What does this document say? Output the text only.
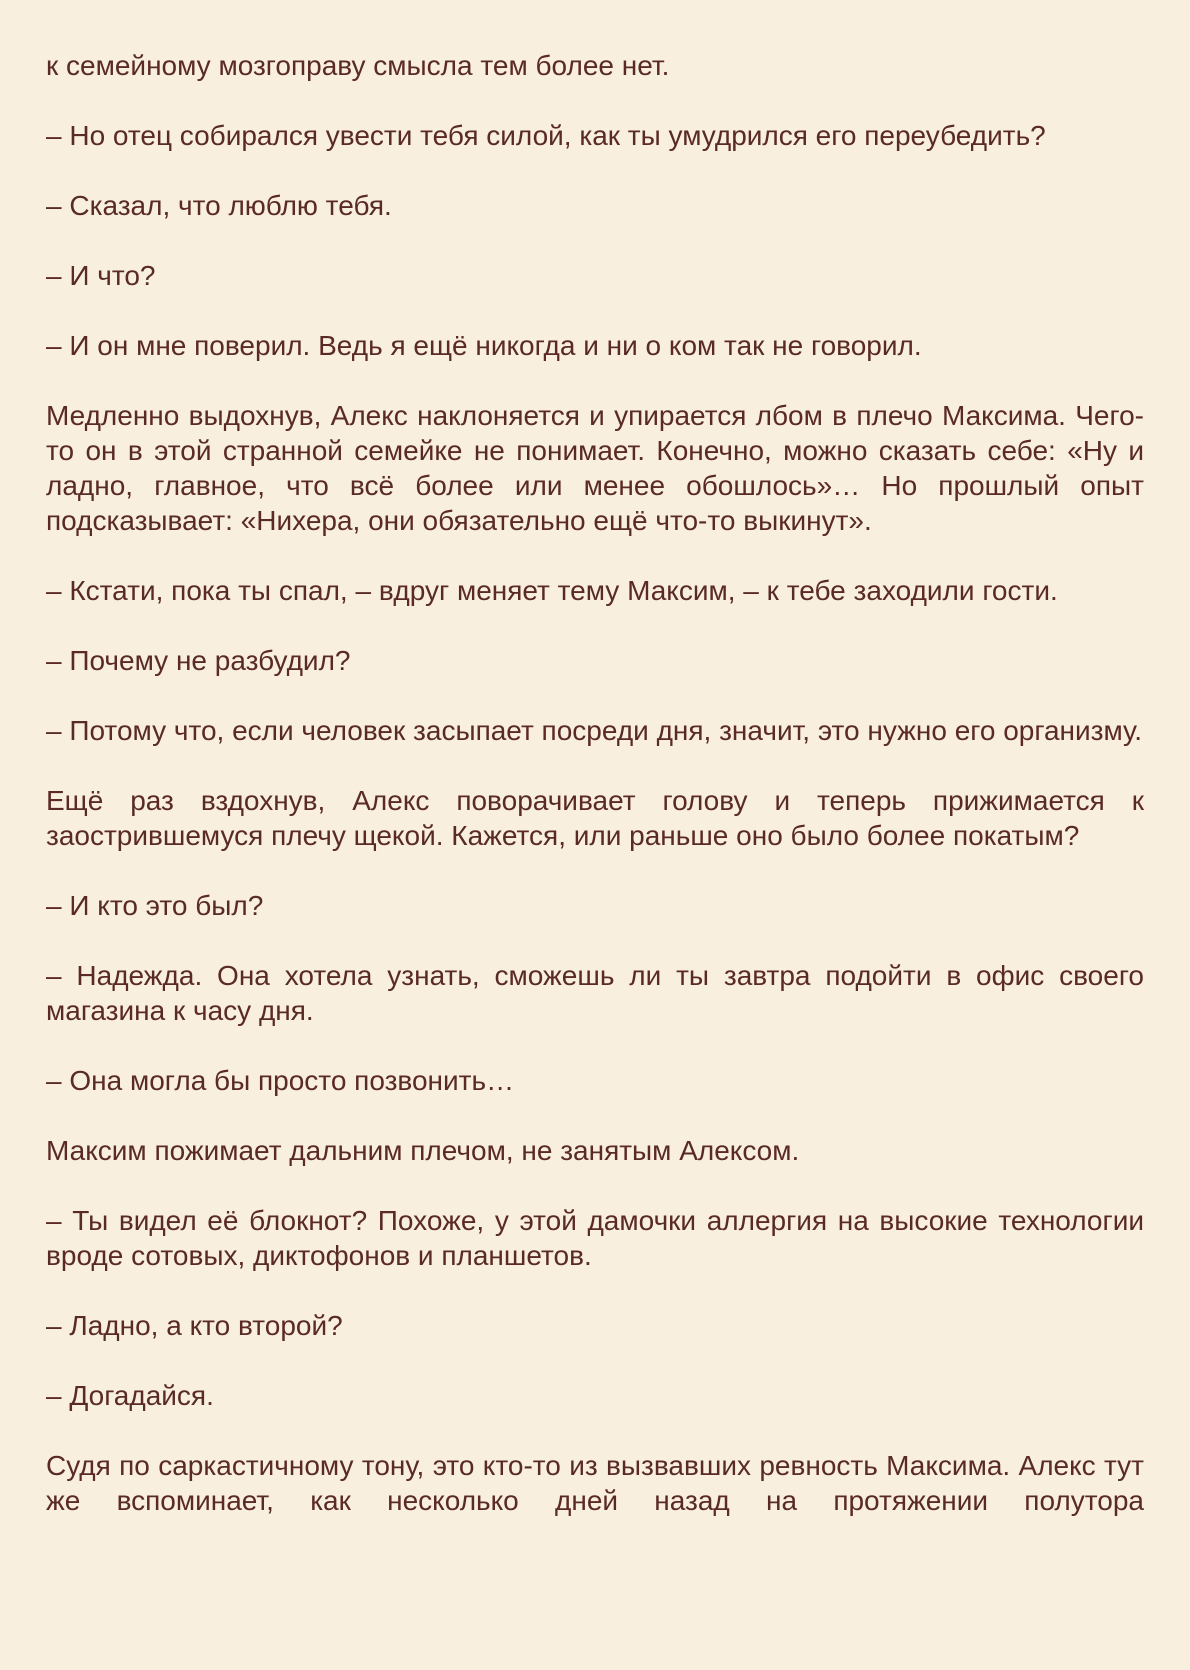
к семейному мозгоправу смысла тем более нет.

– Но отец собирался увести тебя силой, как ты умудрился его переубедить?

– Сказал, что люблю тебя.

– И что?

– И он мне поверил. Ведь я ещё никогда и ни о ком так не говорил.

Медленно выдохнув, Алекс наклоняется и упирается лбом в плечо Максима. Чего-то он в этой странной семейке не понимает. Конечно, можно сказать себе: «Ну и ладно, главное, что всё более или менее обошлось»… Но прошлый опыт подсказывает: «Нихера, они обязательно ещё что-то выкинут».

– Кстати, пока ты спал, – вдруг меняет тему Максим, – к тебе заходили гости.

– Почему не разбудил?

– Потому что, если человек засыпает посреди дня, значит, это нужно его организму.

Ещё раз вздохнув, Алекс поворачивает голову и теперь прижимается к заострившемуся плечу щекой. Кажется, или раньше оно было более покатым?

– И кто это был?

– Надежда. Она хотела узнать, сможешь ли ты завтра подойти в офис своего магазина к часу дня.

– Она могла бы просто позвонить…

Максим пожимает дальним плечом, не занятым Алексом.

– Ты видел её блокнот? Похоже, у этой дамочки аллергия на высокие технологии вроде сотовых, диктофонов и планшетов.

– Ладно, а кто второй?

– Догадайся.

Судя по саркастичному тону, это кто-то из вызвавших ревность Максима. Алекс тут же вспоминает, как несколько дней назад на протяжении полутора
